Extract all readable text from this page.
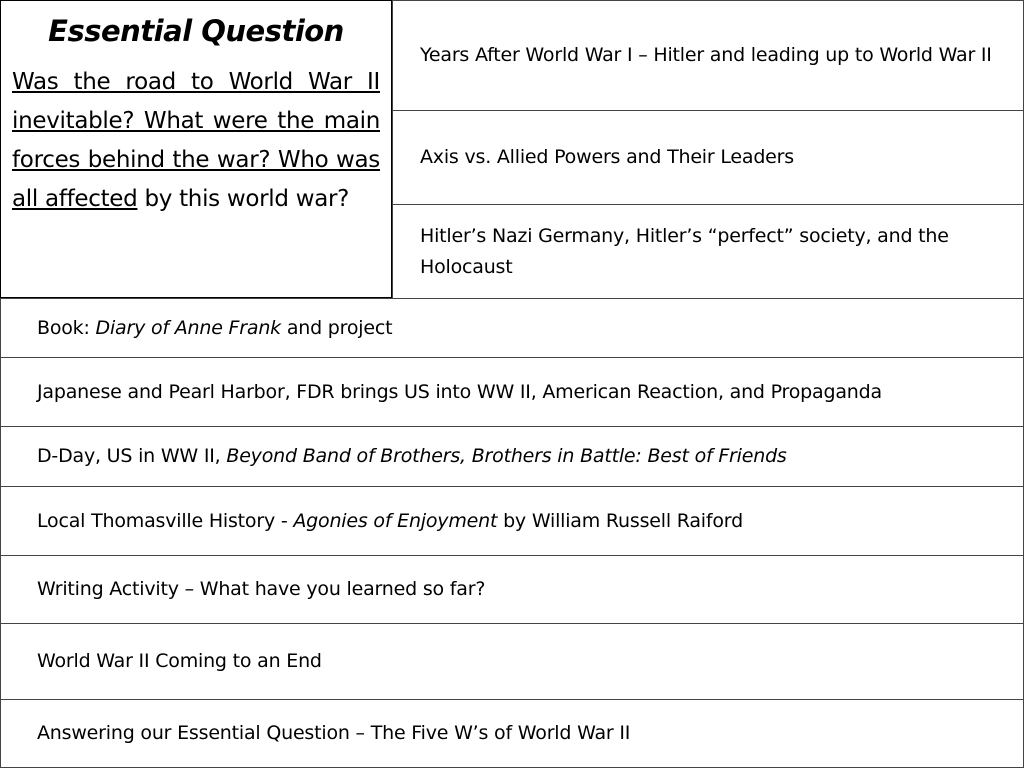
Essential Question
Was the road to World War II inevitable? What were the main forces behind the war? Who was all affected by this world war?
Years After World War I – Hitler and leading up to World War II
Axis vs. Allied Powers and Their Leaders
Hitler’s Nazi Germany, Hitler’s “perfect” society, and the Holocaust
Book: Diary of Anne Frank and project
Japanese and Pearl Harbor, FDR brings US into WW II, American Reaction, and Propaganda
D-Day, US in WW II, Beyond Band of Brothers, Brothers in Battle: Best of Friends
Local Thomasville History - Agonies of Enjoyment by William Russell Raiford
Writing Activity – What have you learned so far?
World War II Coming to an End
Answering our Essential Question – The Five W’s of World War II
